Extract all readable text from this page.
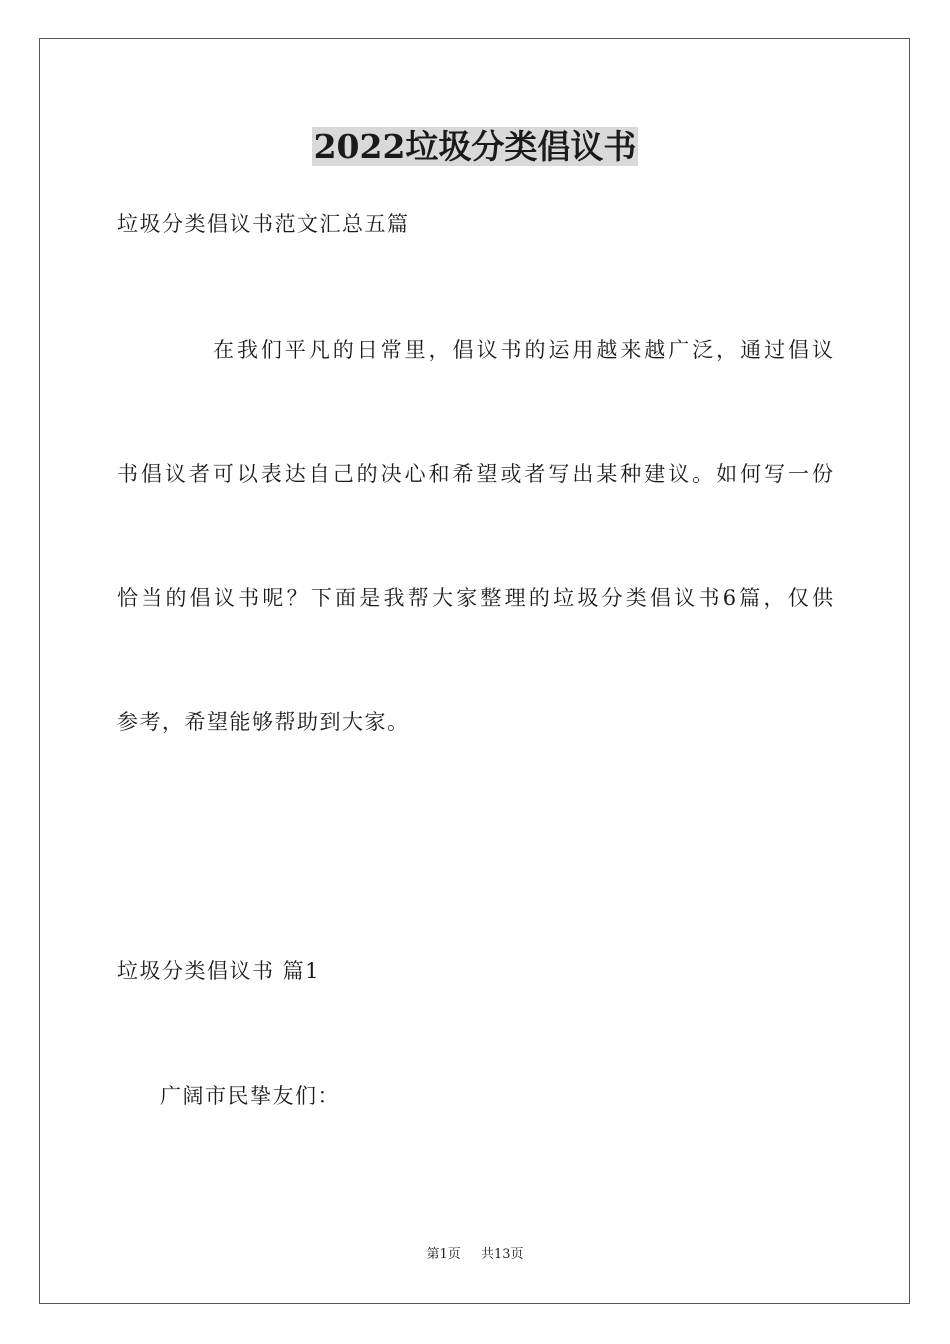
2022垃圾分类倡议书
垃圾分类倡议书范文汇总五篇
在我们平凡的日常里，倡议书的运用越来越广泛，通过倡议
书倡议者可以表达自己的决心和希望或者写出某种建议。如何写一份
恰当的倡议书呢？下面是我帮大家整理的垃圾分类倡议书6篇，仅供
参考，希望能够帮助到大家。
垃圾分类倡议书 篇1
广阔市民挚友们：
第1页 共13页
